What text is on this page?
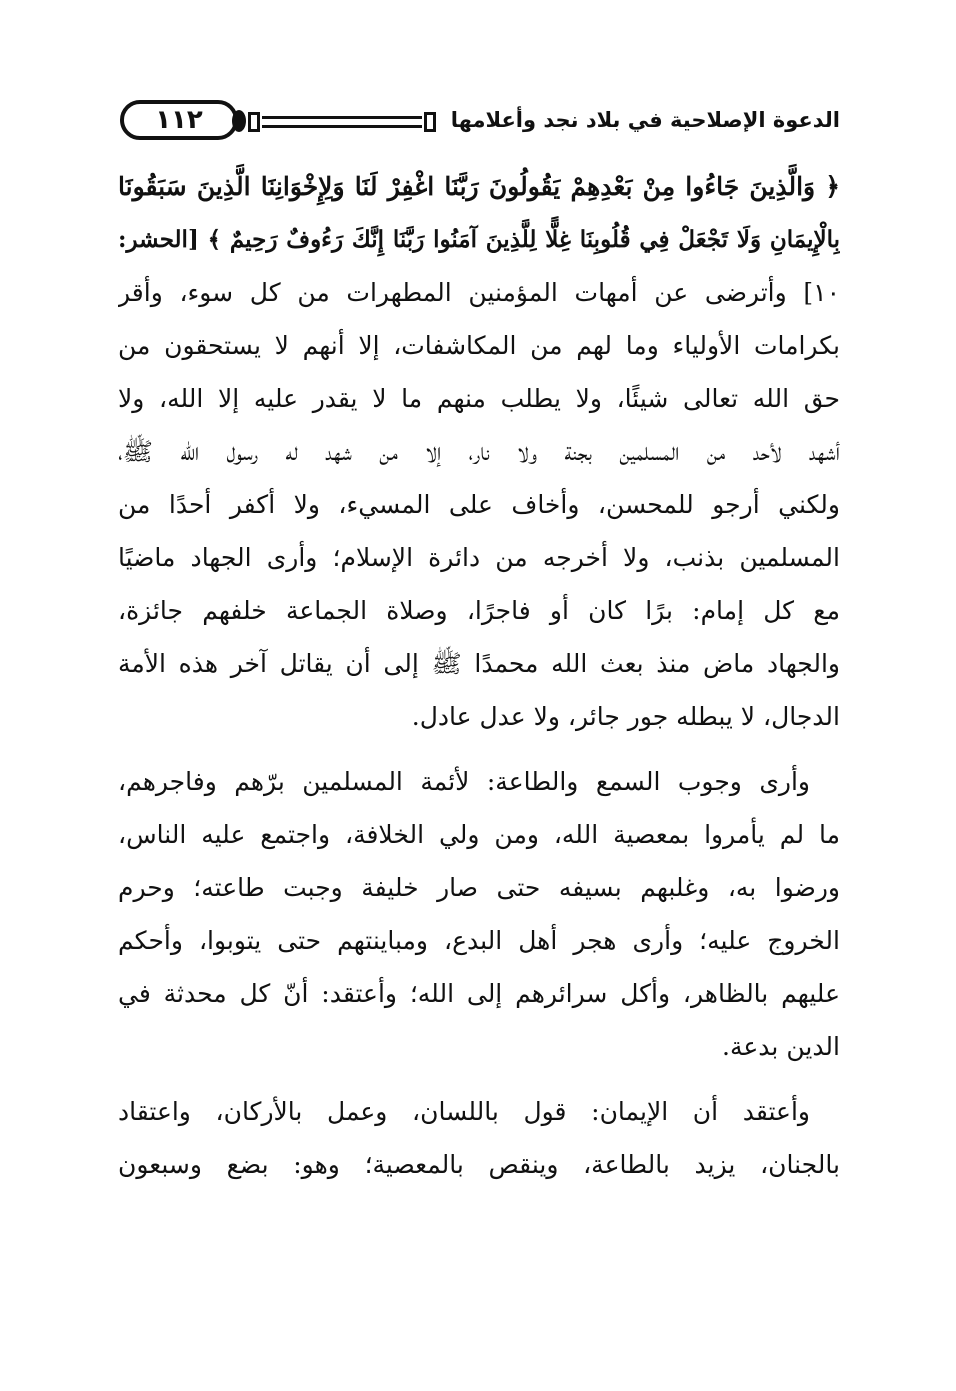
١١٢	الدعوة الإصلاحية في بلاد نجد وأعلامها
﴿ وَالَّذِينَ جَاءُوا مِنْ بَعْدِهِمْ يَقُولُونَ رَبَّنَا اغْفِرْ لَنَا وَلِإِخْوَانِنَا الَّذِينَ سَبَقُونَا
بِالْإِيمَانِ وَلَا تَجْعَلْ فِي قُلُوبِنَا غِلًّا لِلَّذِينَ آمَنُوا رَبَّنَا إِنَّكَ رَءُوفٌ رَحِيمٌ ﴾ [الحشر:
١٠] وأترضى عن أمهات المؤمنين المطهرات من كل سوء، وأقر
بكرامات الأولياء وما لهم من المكاشفات، إلا أنهم لا يستحقون من
حق الله تعالى شيئًا، ولا يطلب منهم ما لا يقدر عليه إلا الله، ولا
أشهد لأحد من المسلمين بجنة ولا نار، إلا من شهد له رسول الله ﷺ،
ولكني أرجو للمحسن، وأخاف على المسيء، ولا أكفر أحدًا من
المسلمين بذنب، ولا أخرجه من دائرة الإسلام؛ وأرى الجهاد ماضيًا
مع كل إمام: برًا كان أو فاجرًا، وصلاة الجماعة خلفهم جائزة،
والجهاد ماض منذ بعث الله محمدًا ﷺ إلى أن يقاتل آخر هذه الأمة
الدجال، لا يبطله جور جائر، ولا عدل عادل.
وأرى وجوب السمع والطاعة: لأئمة المسلمين برّهم وفاجرهم،
ما لم يأمروا بمعصية الله، ومن ولي الخلافة، واجتمع عليه الناس،
ورضوا به، وغلبهم بسيفه حتى صار خليفة وجبت طاعته؛ وحرم
الخروج عليه؛ وأرى هجر أهل البدع، ومباينتهم حتى يتوبوا، وأحكم
عليهم بالظاهر، وأكل سرائرهم إلى الله؛ وأعتقد: أنّ كل محدثة في
الدين بدعة.
وأعتقد أن الإيمان: قول باللسان، وعمل بالأركان، واعتقاد
بالجنان، يزيد بالطاعة، وينقص بالمعصية؛ وهو: بضع وسبعون
